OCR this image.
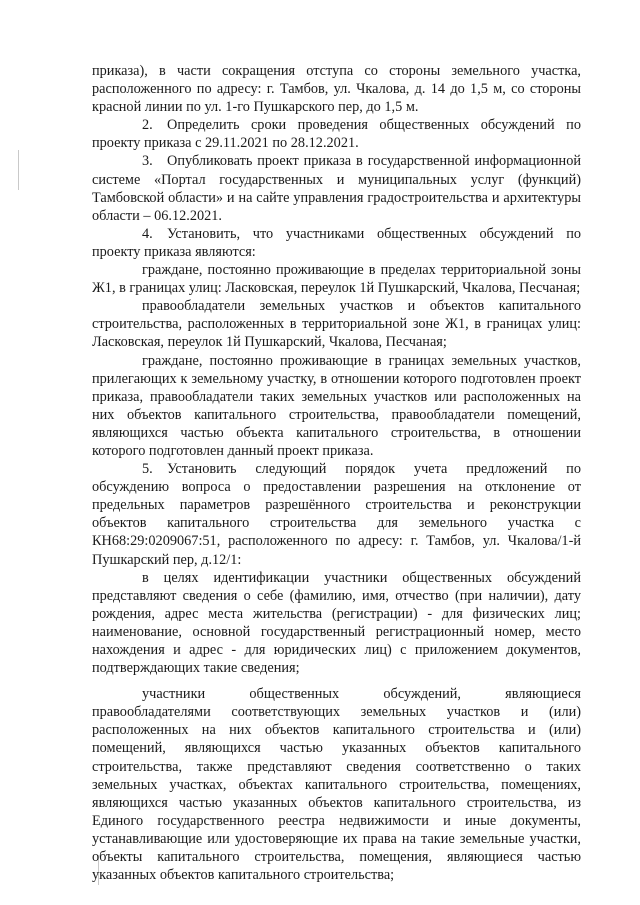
приказа), в части сокращения отступа со стороны земельного участка, расположенного по адресу: г. Тамбов, ул. Чкалова, д. 14 до 1,5 м, со стороны красной линии по ул. 1-го Пушкарского пер, до 1,5 м.

2. Определить сроки проведения общественных обсуждений по проекту приказа с 29.11.2021 по 28.12.2021.

3. Опубликовать проект приказа в государственной информационной системе «Портал государственных и муниципальных услуг (функций) Тамбовской области» и на сайте управления градостроительства и архитектуры области – 06.12.2021.

4. Установить, что участниками общественных обсуждений по проекту приказа являются:

граждане, постоянно проживающие в пределах территориальной зоны Ж1, в границах улиц: Ласковская, переулок 1й Пушкарский, Чкалова, Песчаная;

правообладатели земельных участков и объектов капитального строительства, расположенных в территориальной зоне Ж1, в границах улиц: Ласковская, переулок 1й Пушкарский, Чкалова, Песчаная;

граждане, постоянно проживающие в границах земельных участков, прилегающих к земельному участку, в отношении которого подготовлен проект приказа, правообладатели таких земельных участков или расположенных на них объектов капитального строительства, правообладатели помещений, являющихся частью объекта капитального строительства, в отношении которого подготовлен данный проект приказа.

5. Установить следующий порядок учета предложений по обсуждению вопроса о предоставлении разрешения на отклонение от предельных параметров разрешённого строительства и реконструкции объектов капитального строительства для земельного участка с КН68:29:0209067:51, расположенного по адресу: г. Тамбов, ул. Чкалова/1-й Пушкарский пер, д.12/1:

в целях идентификации участники общественных обсуждений представляют сведения о себе (фамилию, имя, отчество (при наличии), дату рождения, адрес места жительства (регистрации) - для физических лиц; наименование, основной государственный регистрационный номер, место нахождения и адрес - для юридических лиц) с приложением документов, подтверждающих такие сведения;

участники общественных обсуждений, являющиеся правообладателями соответствующих земельных участков и (или) расположенных на них объектов капитального строительства и (или) помещений, являющихся частью указанных объектов капитального строительства, также представляют сведения соответственно о таких земельных участках, объектах капитального строительства, помещениях, являющихся частью указанных объектов капитального строительства, из Единого государственного реестра недвижимости и иные документы, устанавливающие или удостоверяющие их права на такие земельные участки, объекты капитального строительства, помещения, являющиеся частью указанных объектов капитального строительства;
